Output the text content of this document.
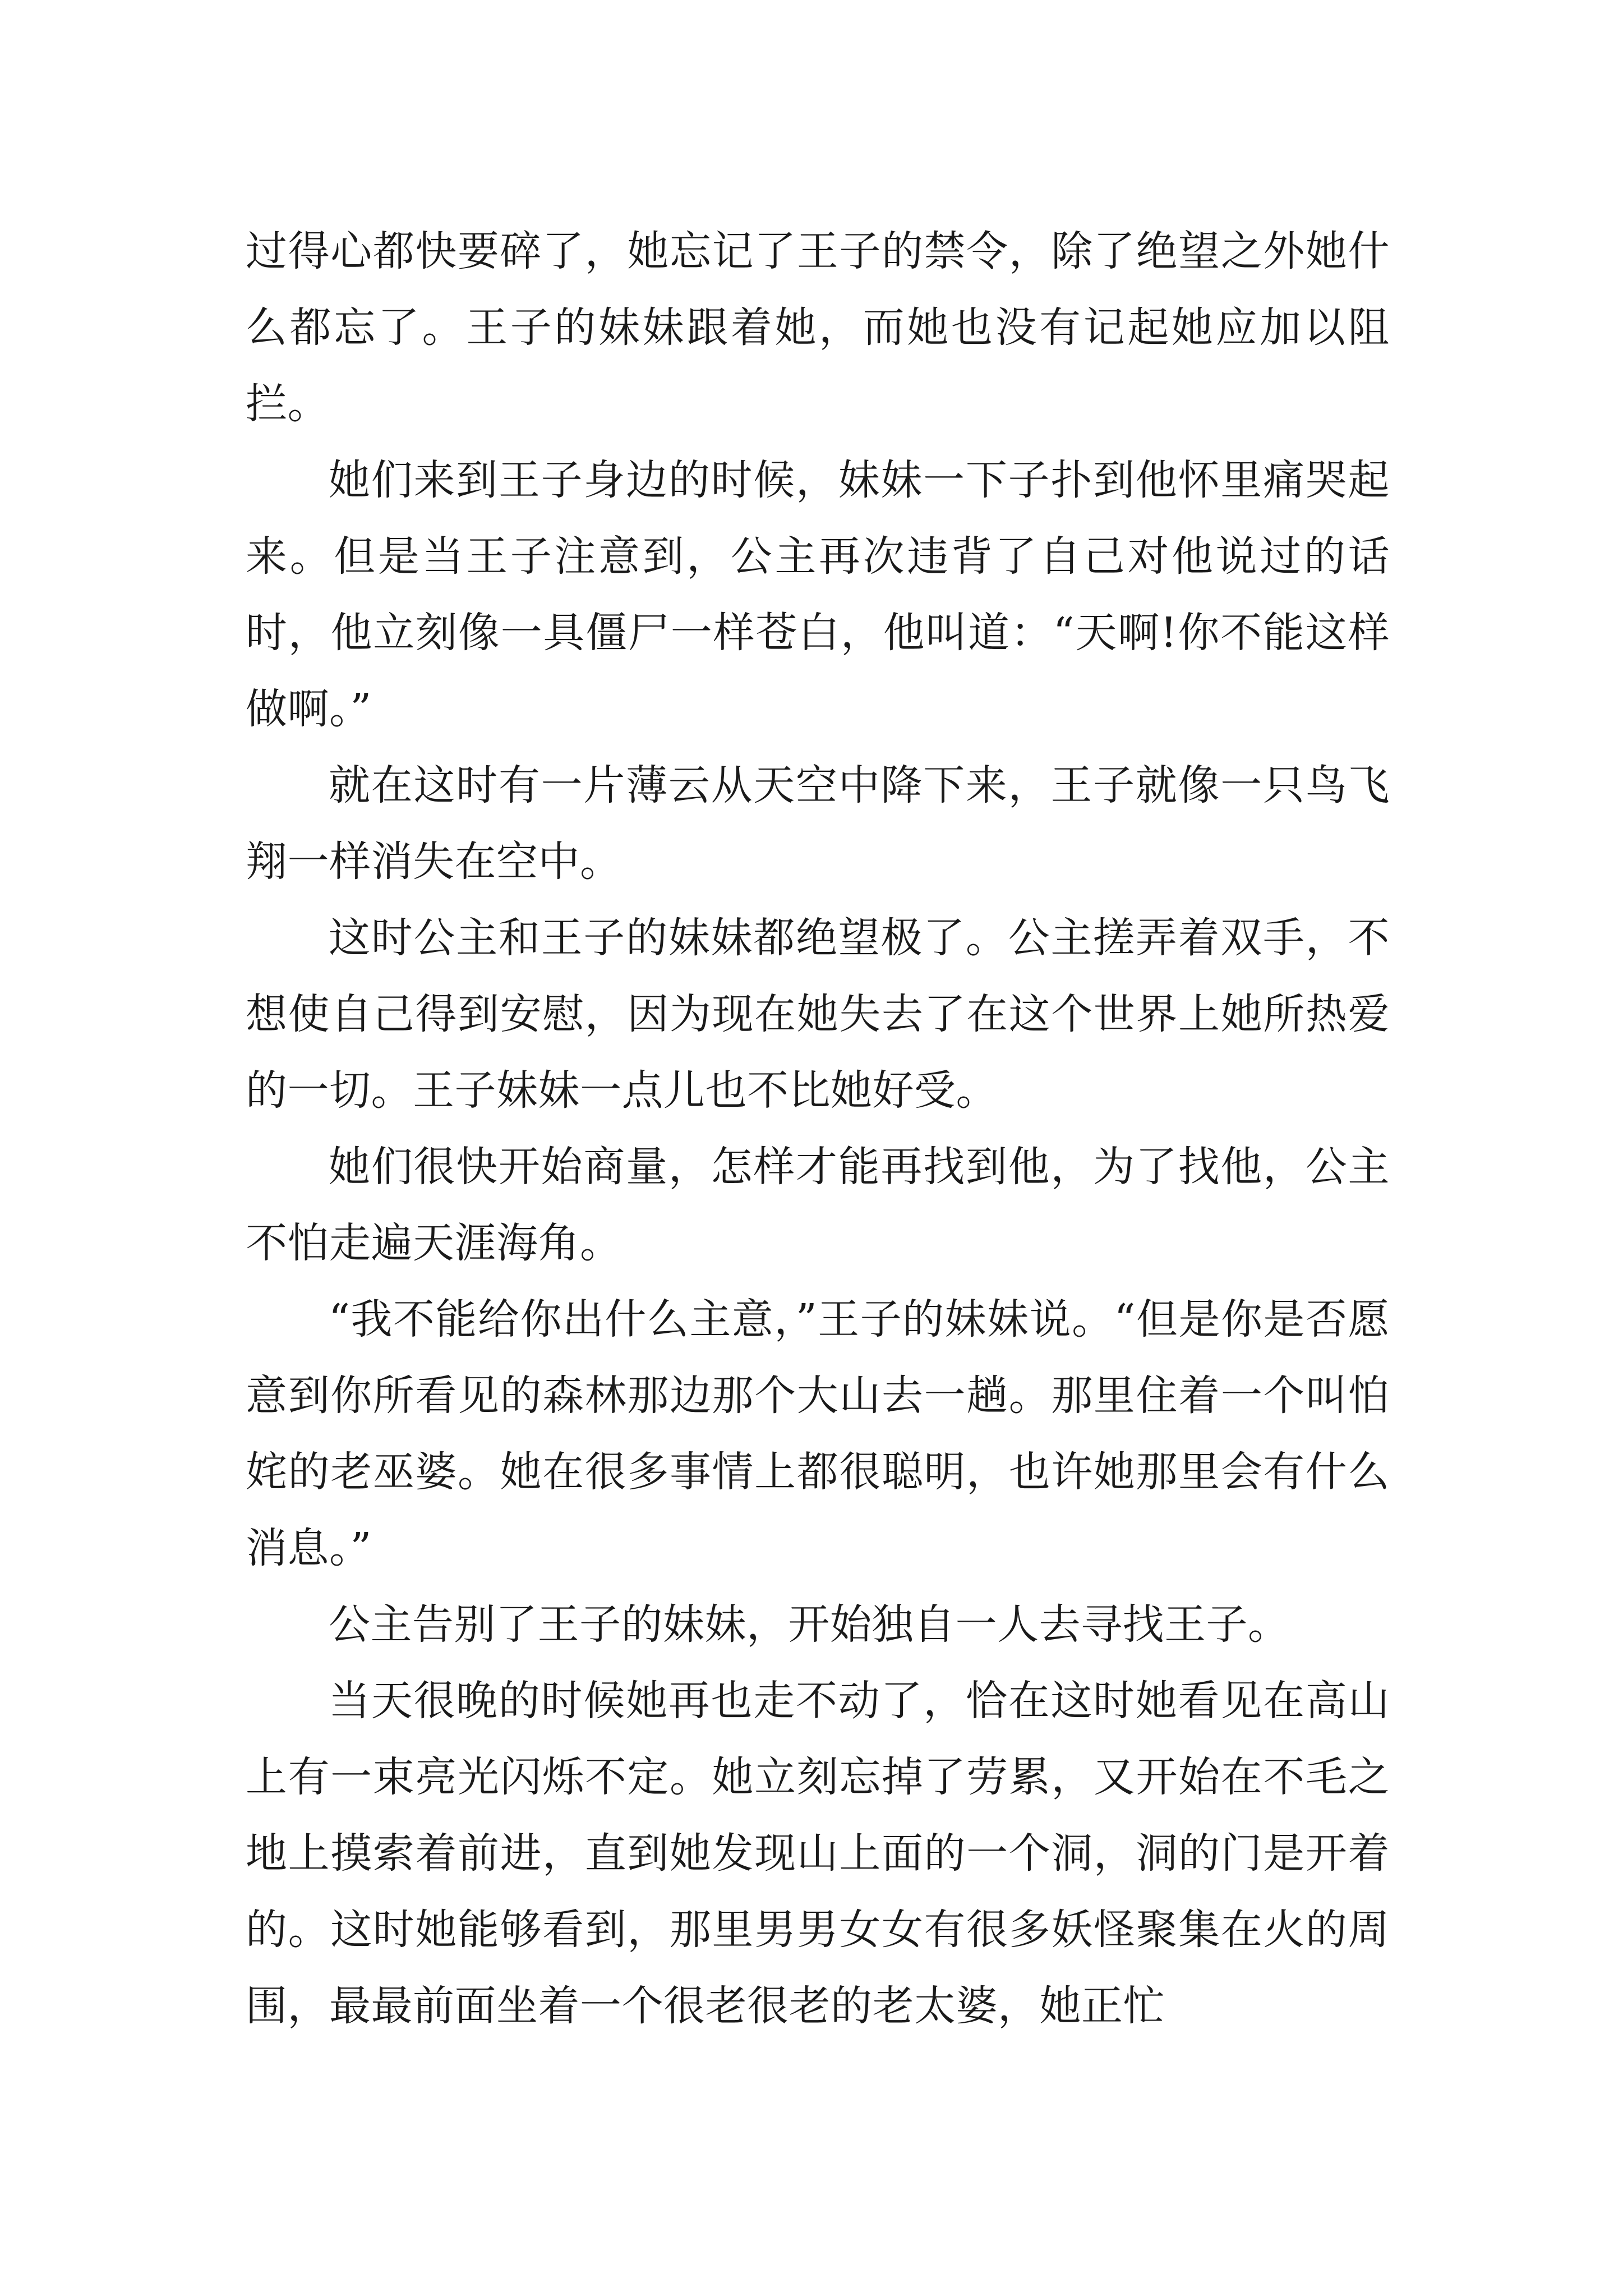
过得心都快要碎了，她忘记了王子的禁令，除了绝望之外她什么都忘了。王子的妹妹跟着她，而她也没有记起她应加以阻拦。

她们来到王子身边的时候，妹妹一下子扑到他怀里痛哭起来。但是当王子注意到，公主再次违背了自己对他说过的话时，他立刻像一具僵尸一样苍白，他叫道：“天啊!你不能这样做啊。”

就在这时有一片薄云从天空中降下来，王子就像一只鸟飞翔一样消失在空中。

这时公主和王子的妹妹都绝望极了。公主搓弄着双手，不想使自己得到安慰，因为现在她失去了在这个世界上她所热爱的一切。王子妹妹一点儿也不比她好受。

她们很快开始商量，怎样才能再找到他，为了找他，公主不怕走遍天涯海角。

“我不能给你出什么主意，”王子的妹妹说。“但是你是否愿意到你所看见的森林那边那个大山去一趟。那里住着一个叫怕姹的老巫婆。她在很多事情上都很聪明，也许她那里会有什么消息。”

公主告别了王子的妹妹，开始独自一人去寻找王子。

当天很晚的时候她再也走不动了，恰在这时她看见在高山上有一束亮光闪烁不定。她立刻忘掉了劳累，又开始在不毛之地上摸索着前进，直到她发现山上面的一个洞，洞的门是开着的。这时她能够看到，那里男男女女有很多妖怪聚集在火的周围，最最前面坐着一个很老很老的老太婆，她正忙
